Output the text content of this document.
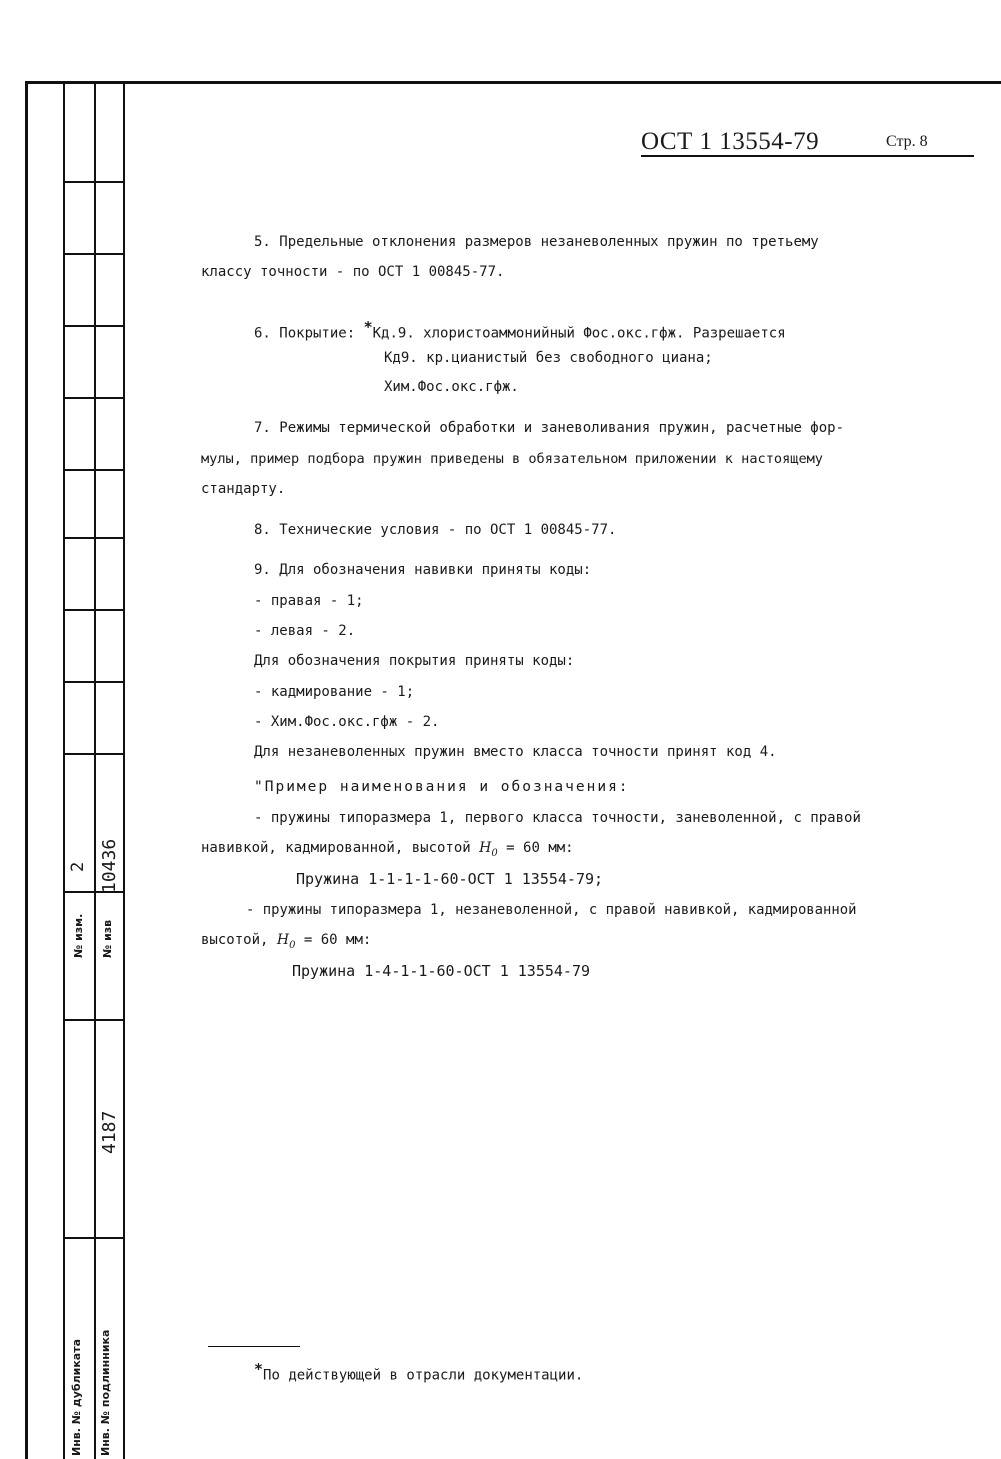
2 10436
№ изм. № изв
4187
Инв. № дубликата Инв. № подлинника
ОСТ 1 13554-79	Стр. 8
5. Предельные отклонения размеров незаневоленных пружин по третьему
классу точности - по ОСТ 1 00845-77.
6. Покрытие: *Кд.9. хлористоаммонийный Фос.окс.гфж. Разрешается
Кд9. кр.цианистый без свободного циана;
Хим.Фос.окс.гфж.
7. Режимы термической обработки и заневоливания пружин, расчетные фор-
мулы, пример подбора пружин приведены в обязательном приложении к настоящему
стандарту.
8. Технические условия - по ОСТ 1 00845-77.
9. Для обозначения навивки приняты коды:
- правая - 1;
- левая - 2.
Для обозначения покрытия приняты коды:
- кадмирование - 1;
- Хим.Фос.окс.гфж - 2.
Для незаневоленных пружин вместо класса точности принят код 4.
"Пример наименования и обозначения:
- пружины типоразмера 1, первого класса точности, заневоленной, с правой
навивкой, кадмированной, высотой $H_0 = 60$ мм:
Пружина 1-1-1-1-60-ОСТ 1 13554-79;
- пружины типоразмера 1, незаневоленной, с правой навивкой, кадмированной
высотой, $H_0 = 60$ мм:
Пружина 1-4-1-1-60-ОСТ 1 13554-79
*По действующей в отрасли документации.
